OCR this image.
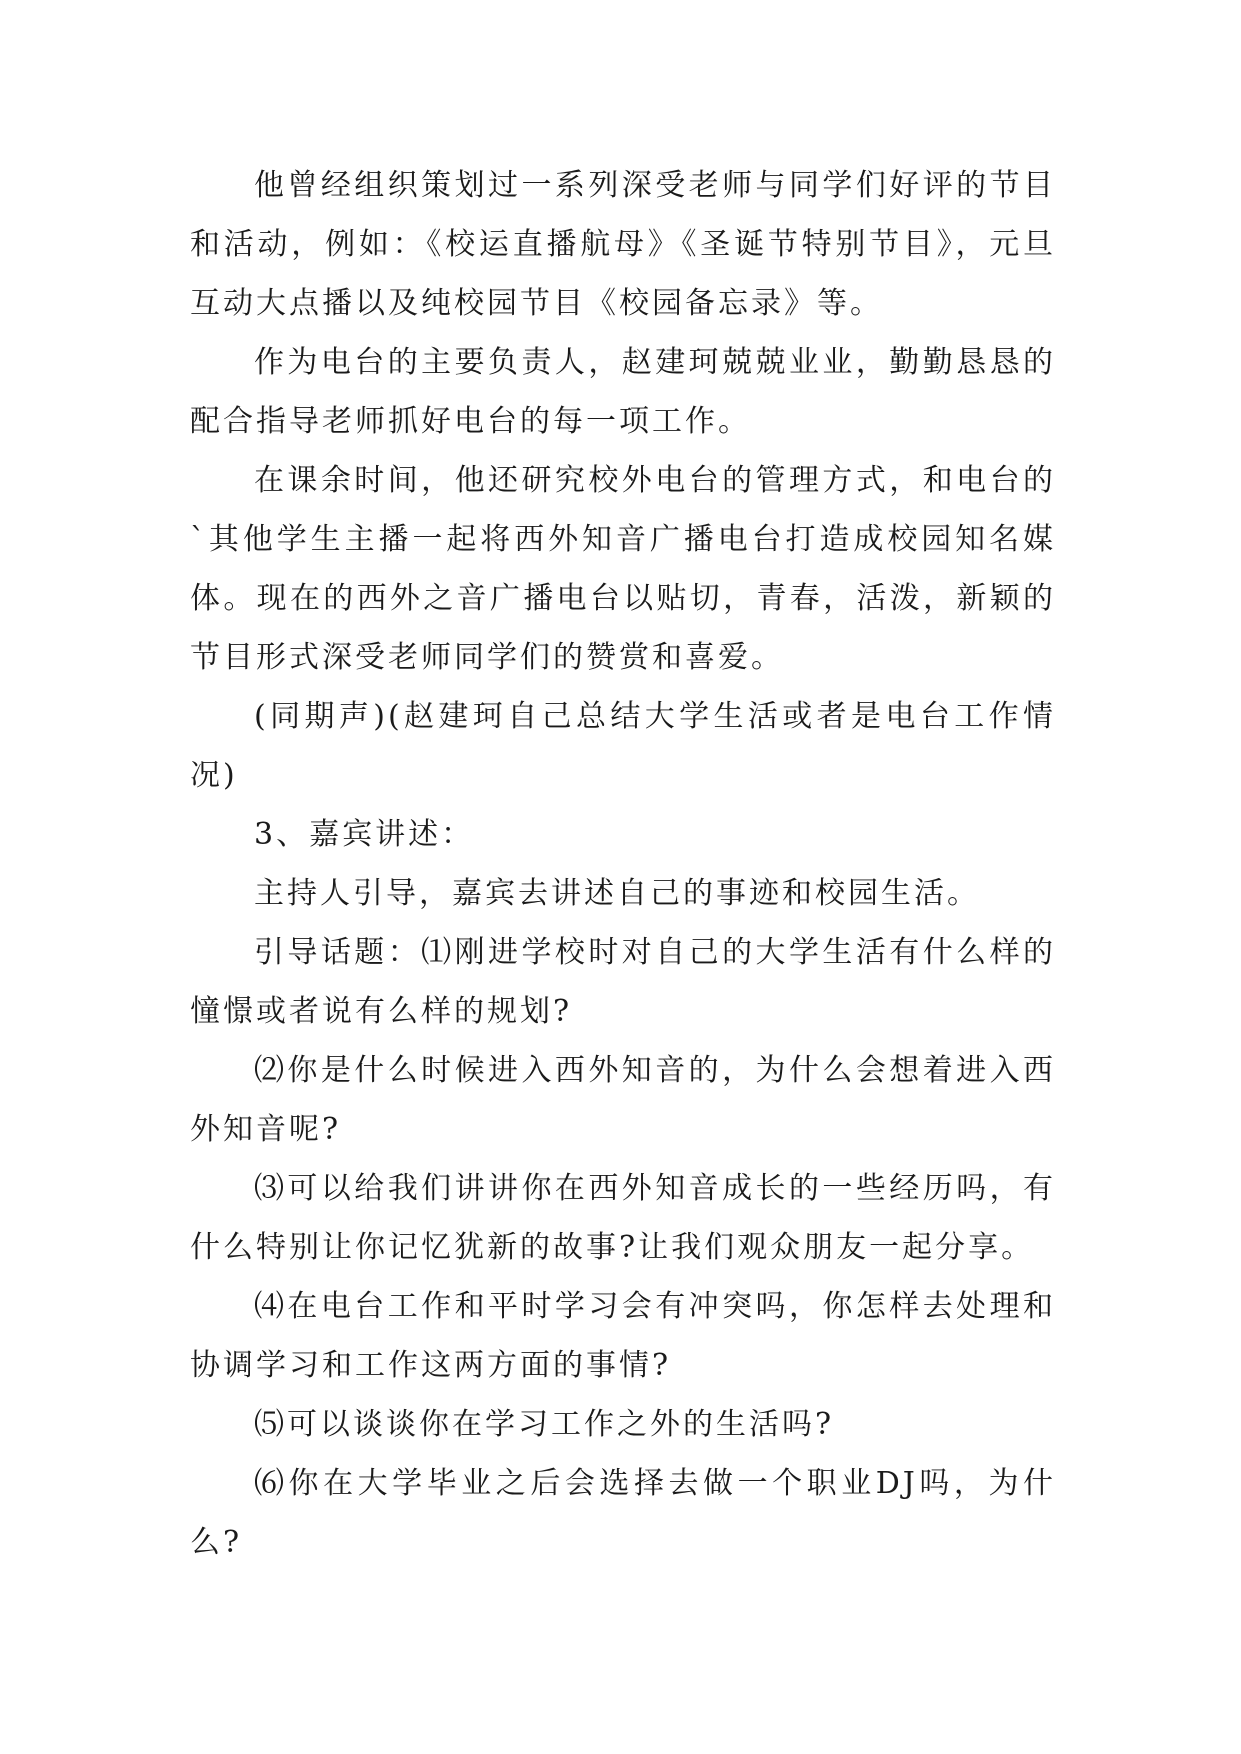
他曾经组织策划过一系列深受老师与同学们好评的节目和活动，例如：《校运直播航母》《圣诞节特别节目》，元旦互动大点播以及纯校园节目《校园备忘录》等。

作为电台的主要负责人，赵建珂兢兢业业，勤勤恳恳的配合指导老师抓好电台的每一项工作。

在课余时间，他还研究校外电台的管理方式，和电台的`其他学生主播一起将西外知音广播电台打造成校园知名媒体。现在的西外之音广播电台以贴切，青春，活泼，新颖的节目形式深受老师同学们的赞赏和喜爱。

(同期声)(赵建珂自己总结大学生活或者是电台工作情况)

3、嘉宾讲述：

主持人引导，嘉宾去讲述自己的事迹和校园生活。

引导话题：⑴刚进学校时对自己的大学生活有什么样的憧憬或者说有么样的规划?

⑵你是什么时候进入西外知音的，为什么会想着进入西外知音呢?

⑶可以给我们讲讲你在西外知音成长的一些经历吗，有什么特别让你记忆犹新的故事?让我们观众朋友一起分享。

⑷在电台工作和平时学习会有冲突吗，你怎样去处理和协调学习和工作这两方面的事情?

⑸可以谈谈你在学习工作之外的生活吗?

⑹你在大学毕业之后会选择去做一个职业DJ吗，为什么?
